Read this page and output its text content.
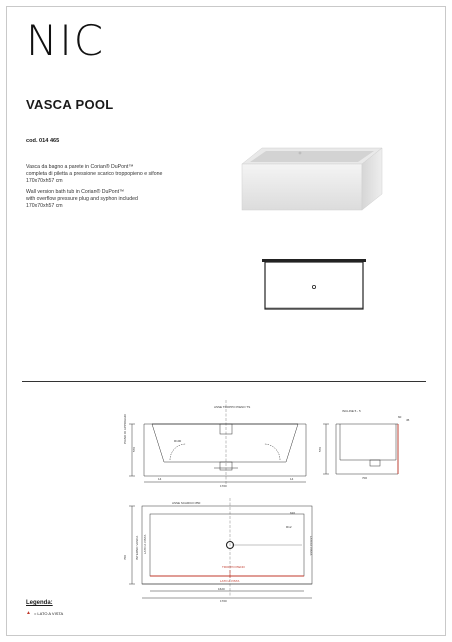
NIC
VASCA POOL
cod. 014 465

Vasca da bagno a parete in Corian® DuPont™
completa di piletta a pressione scarico troppopieno e sifone
170x70xh57 cm

Wall version bath tub in Corian® DuPont™
with overflow pressure plug and syphon included
170x70xh57 cm

ASSE TROPPO PIENO TS
PIANO DI APPOGGIO
570
14
1700
14
R100
INCLINE 5 - 5
60
45
570
700
ASSE SCARICO 850
700	INTERNO VASCA LATO A VISTA	LATO A VISTA
TROPPO PIENO
LATO A VISTA
R12
1620
1700
620
Legenda:
▲ = LATO A VISTA
